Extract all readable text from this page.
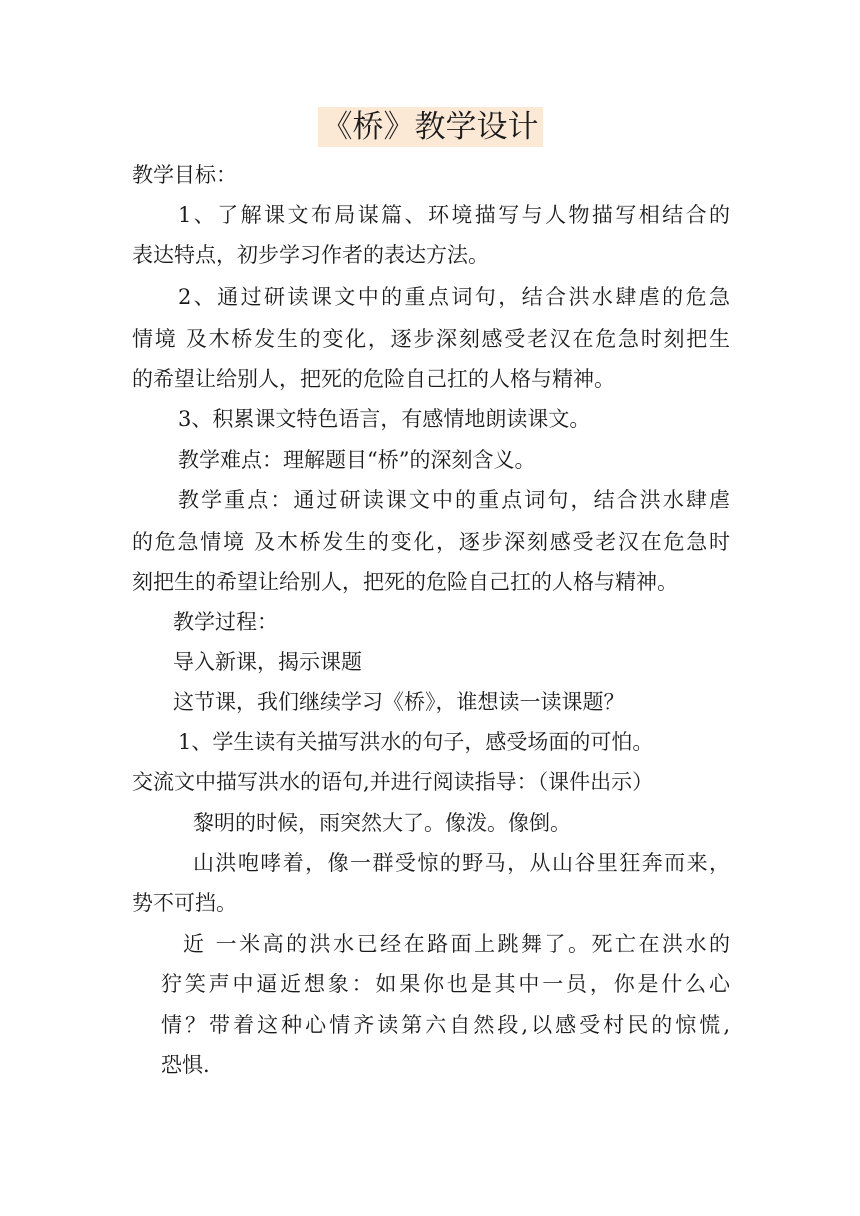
《桥》教学设计
教学目标：
1、了解课文布局谋篇、环境描写与人物描写相结合的
表达特点，初步学习作者的表达方法。
2、通过研读课文中的重点词句，结合洪水肆虐的危急
情境 及木桥发生的变化，逐步深刻感受老汉在危急时刻把生
的希望让给别人，把死的危险自己扛的人格与精神。
3、积累课文特色语言，有感情地朗读课文。
教学难点：理解题目“桥”的深刻含义。
教学重点：通过研读课文中的重点词句，结合洪水肆虐
的危急情境 及木桥发生的变化，逐步深刻感受老汉在危急时
刻把生的希望让给别人，把死的危险自己扛的人格与精神。
教学过程：
导入新课，揭示课题
这节课，我们继续学习《桥》，谁想读一读课题？
1、学生读有关描写洪水的句子，感受场面的可怕。
交流文中描写洪水的语句,并进行阅读指导：（课件出示）
黎明的时候，雨突然大了。像泼。像倒。
山洪咆哮着，像一群受惊的野马，从山谷里狂奔而来，
势不可挡。
近 一米高的洪水已经在路面上跳舞了。死亡在洪水的
狞笑声中逼近想象：如果你也是其中一员，你是什么心
情？带着这种心情齐读第六自然段,以感受村民的惊慌,
恐惧.
